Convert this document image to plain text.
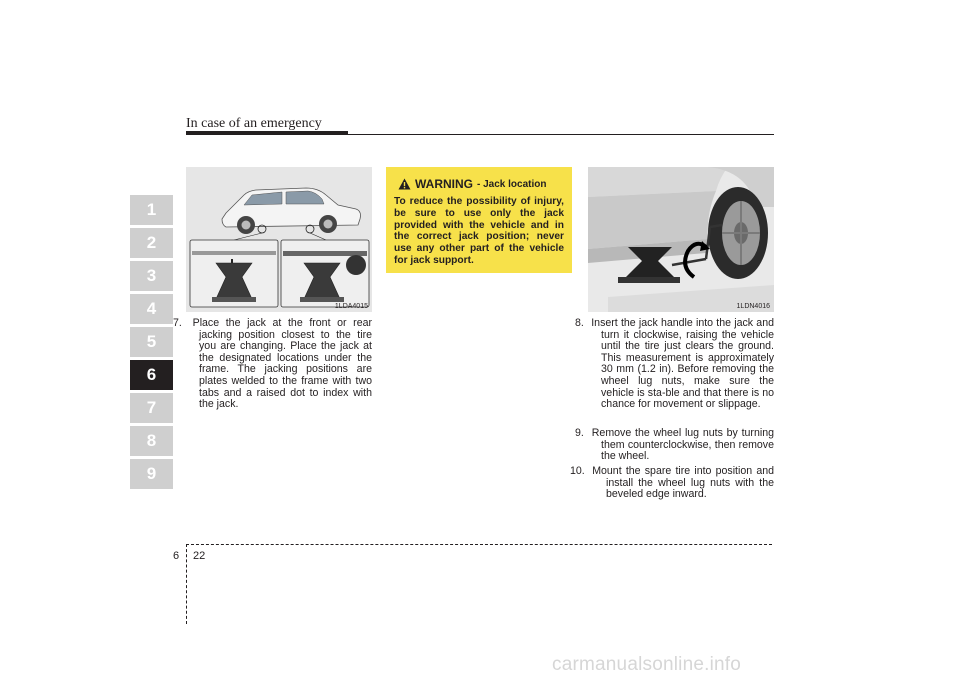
In case of an emergency
1
2
3
4
5
6
7
8
9
1LDA4015
WARNING - Jack location
To reduce the possibility of injury, be sure to use only the jack provided with the vehicle and in the correct jack position; never use any other part of the vehicle for jack support.
1LDN4016
7. Place the jack at the front or rear jacking position closest to the tire you are changing. Place the jack at the designated locations under the frame. The jacking positions are plates welded to the frame with two tabs and a raised dot to index with the jack.
8. Insert the jack handle into the jack and turn it clockwise, raising the vehicle until the tire just clears the ground. This measurement is approximately 30 mm (1.2 in). Before removing the wheel lug nuts, make sure the vehicle is sta-ble and that there is no chance for movement or slippage.
9. Remove the wheel lug nuts by turning them counterclockwise, then remove the wheel.
10. Mount the spare tire into position and install the wheel lug nuts with the beveled edge inward.
6 22
carmanualsonline.info
